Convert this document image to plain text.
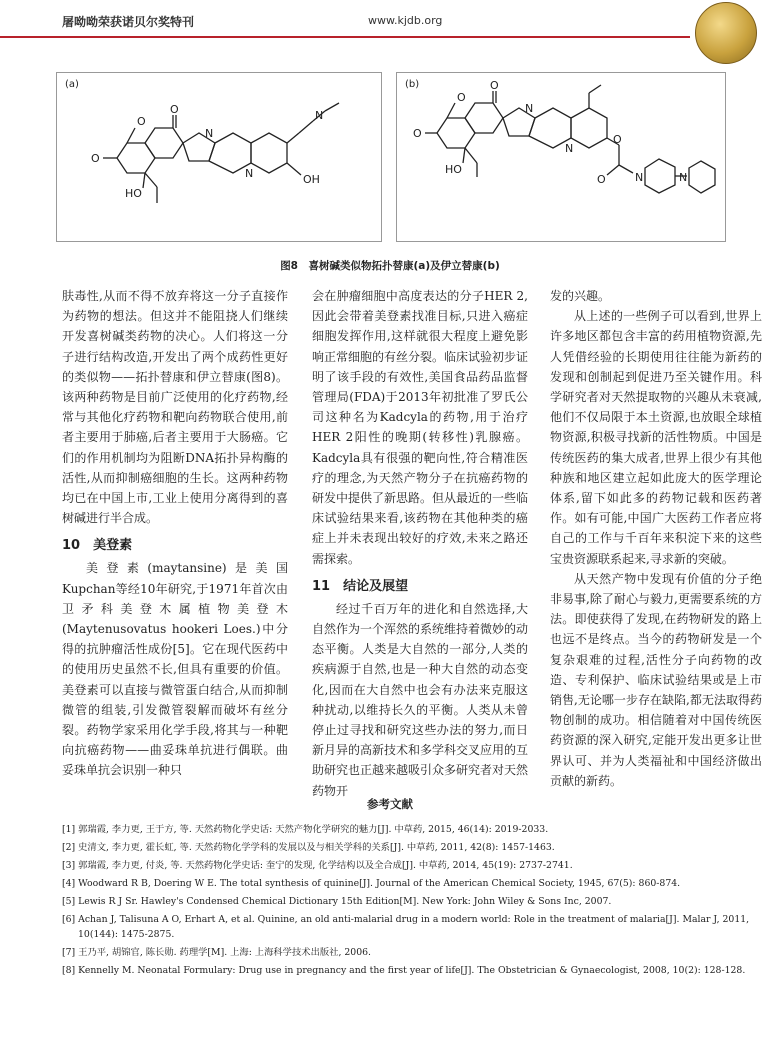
屠呦呦荣获诺贝尔奖特刊	www.kjdb.org
(a)
O
O
O
N
N
N
HO
OH
(b)
O
O
O
N
N
O
O	N	N
HO
图8　喜树碱类似物拓扑替康(a)及伊立替康(b)

肤毒性,从而不得不放弃将这一分子直接作为药物的想法。但这并不能阻挠人们继续开发喜树碱类药物的决心。人们将这一分子进行结构改造,开发出了两个成药性更好的类似物——拓扑替康和伊立替康(图8)。该两种药物是目前广泛使用的化疗药物,经常与其他化疗药物和靶向药物联合使用,前者主要用于肺癌,后者主要用于大肠癌。它们的作用机制均为阻断DNA拓扑异构酶的活性,从而抑制癌细胞的生长。这两种药物均已在中国上市,工业上使用分离得到的喜树碱进行半合成。

10　美登素

美登素(maytansine)是美国Kupchan等经10年研究,于1971年首次由卫矛科美登木属植物美登木(Maytenusovatus hookeri Loes.)中分得的抗肿瘤活性成份[5]。它在现代医药中的使用历史虽然不长,但具有重要的价值。美登素可以直接与微管蛋白结合,从而抑制微管的组装,引发微管裂解而破坏有丝分裂。药物学家采用化学手段,将其与一种靶向抗癌药物——曲妥珠单抗进行偶联。曲妥珠单抗会识别一种只

会在肿瘤细胞中高度表达的分子HER 2,因此会带着美登素找准目标,只进入癌症细胞发挥作用,这样就很大程度上避免影响正常细胞的有丝分裂。临床试验初步证明了该手段的有效性,美国食品药品监督管理局(FDA)于2013年初批准了罗氏公司这种名为Kadcyla的药物,用于治疗HER 2阳性的晚期(转移性)乳腺癌。Kadcyla具有很强的靶向性,符合精准医疗的理念,为天然产物分子在抗癌药物的研发中提供了新思路。但从最近的一些临床试验结果来看,该药物在其他种类的癌症上并未表现出较好的疗效,未来之路还需探索。

11　结论及展望

经过千百万年的进化和自然选择,大自然作为一个浑然的系统维持着微妙的动态平衡。人类是大自然的一部分,人类的疾病源于自然,也是一种大自然的动态变化,因而在大自然中也会有办法来克服这种扰动,以维持长久的平衡。人类从未曾停止过寻找和研究这些办法的努力,而日新月异的高新技术和多学科交叉应用的互助研究也正越来越吸引众多研究者对天然药物开

发的兴趣。

从上述的一些例子可以看到,世界上许多地区都包含丰富的药用植物资源,先人凭借经验的长期使用往往能为新药的发现和创制起到促进乃至关键作用。科学研究者对天然提取物的兴趣从未衰减,他们不仅局限于本土资源,也放眼全球植物资源,积极寻找新的活性物质。中国是传统医药的集大成者,世界上很少有其他种族和地区建立起如此庞大的医学理论体系,留下如此多的药物记载和医药著作。如有可能,中国广大医药工作者应将自己的工作与千百年来积淀下来的这些宝贵资源联系起来,寻求新的突破。

从天然产物中发现有价值的分子绝非易事,除了耐心与毅力,更需要系统的方法。即使获得了发现,在药物研发的路上也远不是终点。当今的药物研发是一个复杂艰难的过程,活性分子向药物的改造、专利保护、临床试验结果或是上市销售,无论哪一步存在缺陷,都无法取得药物创制的成功。相信随着对中国传统医药资源的深入研究,定能开发出更多让世界认可、并为人类福祉和中国经济做出贡献的新药。

参考文献
[1] 郭瑞霞, 李力更, 王于方, 等. 天然药物化学史话: 天然产物化学研究的魅力[J]. 中草药, 2015, 46(14): 2019-2033.
[2] 史清文, 李力更, 霍长虹, 等. 天然药物化学学科的发展以及与相关学科的关系[J]. 中草药, 2011, 42(8): 1457-1463.
[3] 郭瑞霞, 李力更, 付炎, 等. 天然药物化学史话: 奎宁的发现, 化学结构以及全合成[J]. 中草药, 2014, 45(19): 2737-2741.
[4] Woodward R B, Doering W E. The total synthesis of quinine[J]. Journal of the American Chemical Society, 1945, 67(5): 860-874.
[5] Lewis R J Sr. Hawley's Condensed Chemical Dictionary 15th Edition[M]. New York: John Wiley & Sons Inc, 2007.
[6] Achan J, Talisuna A O, Erhart A, et al. Quinine, an old anti-malarial drug in a modern world: Role in the treatment of malaria[J]. Malar J, 2011, 10(144): 1475-2875.
[7] 王乃平, 胡锦官, 陈长勋. 药理学[M]. 上海: 上海科学技术出版社, 2006.
[8] Kennelly M. Neonatal Formulary: Drug use in pregnancy and the first year of life[J]. The Obstetrician & Gynaecologist, 2008, 10(2): 128-128.
